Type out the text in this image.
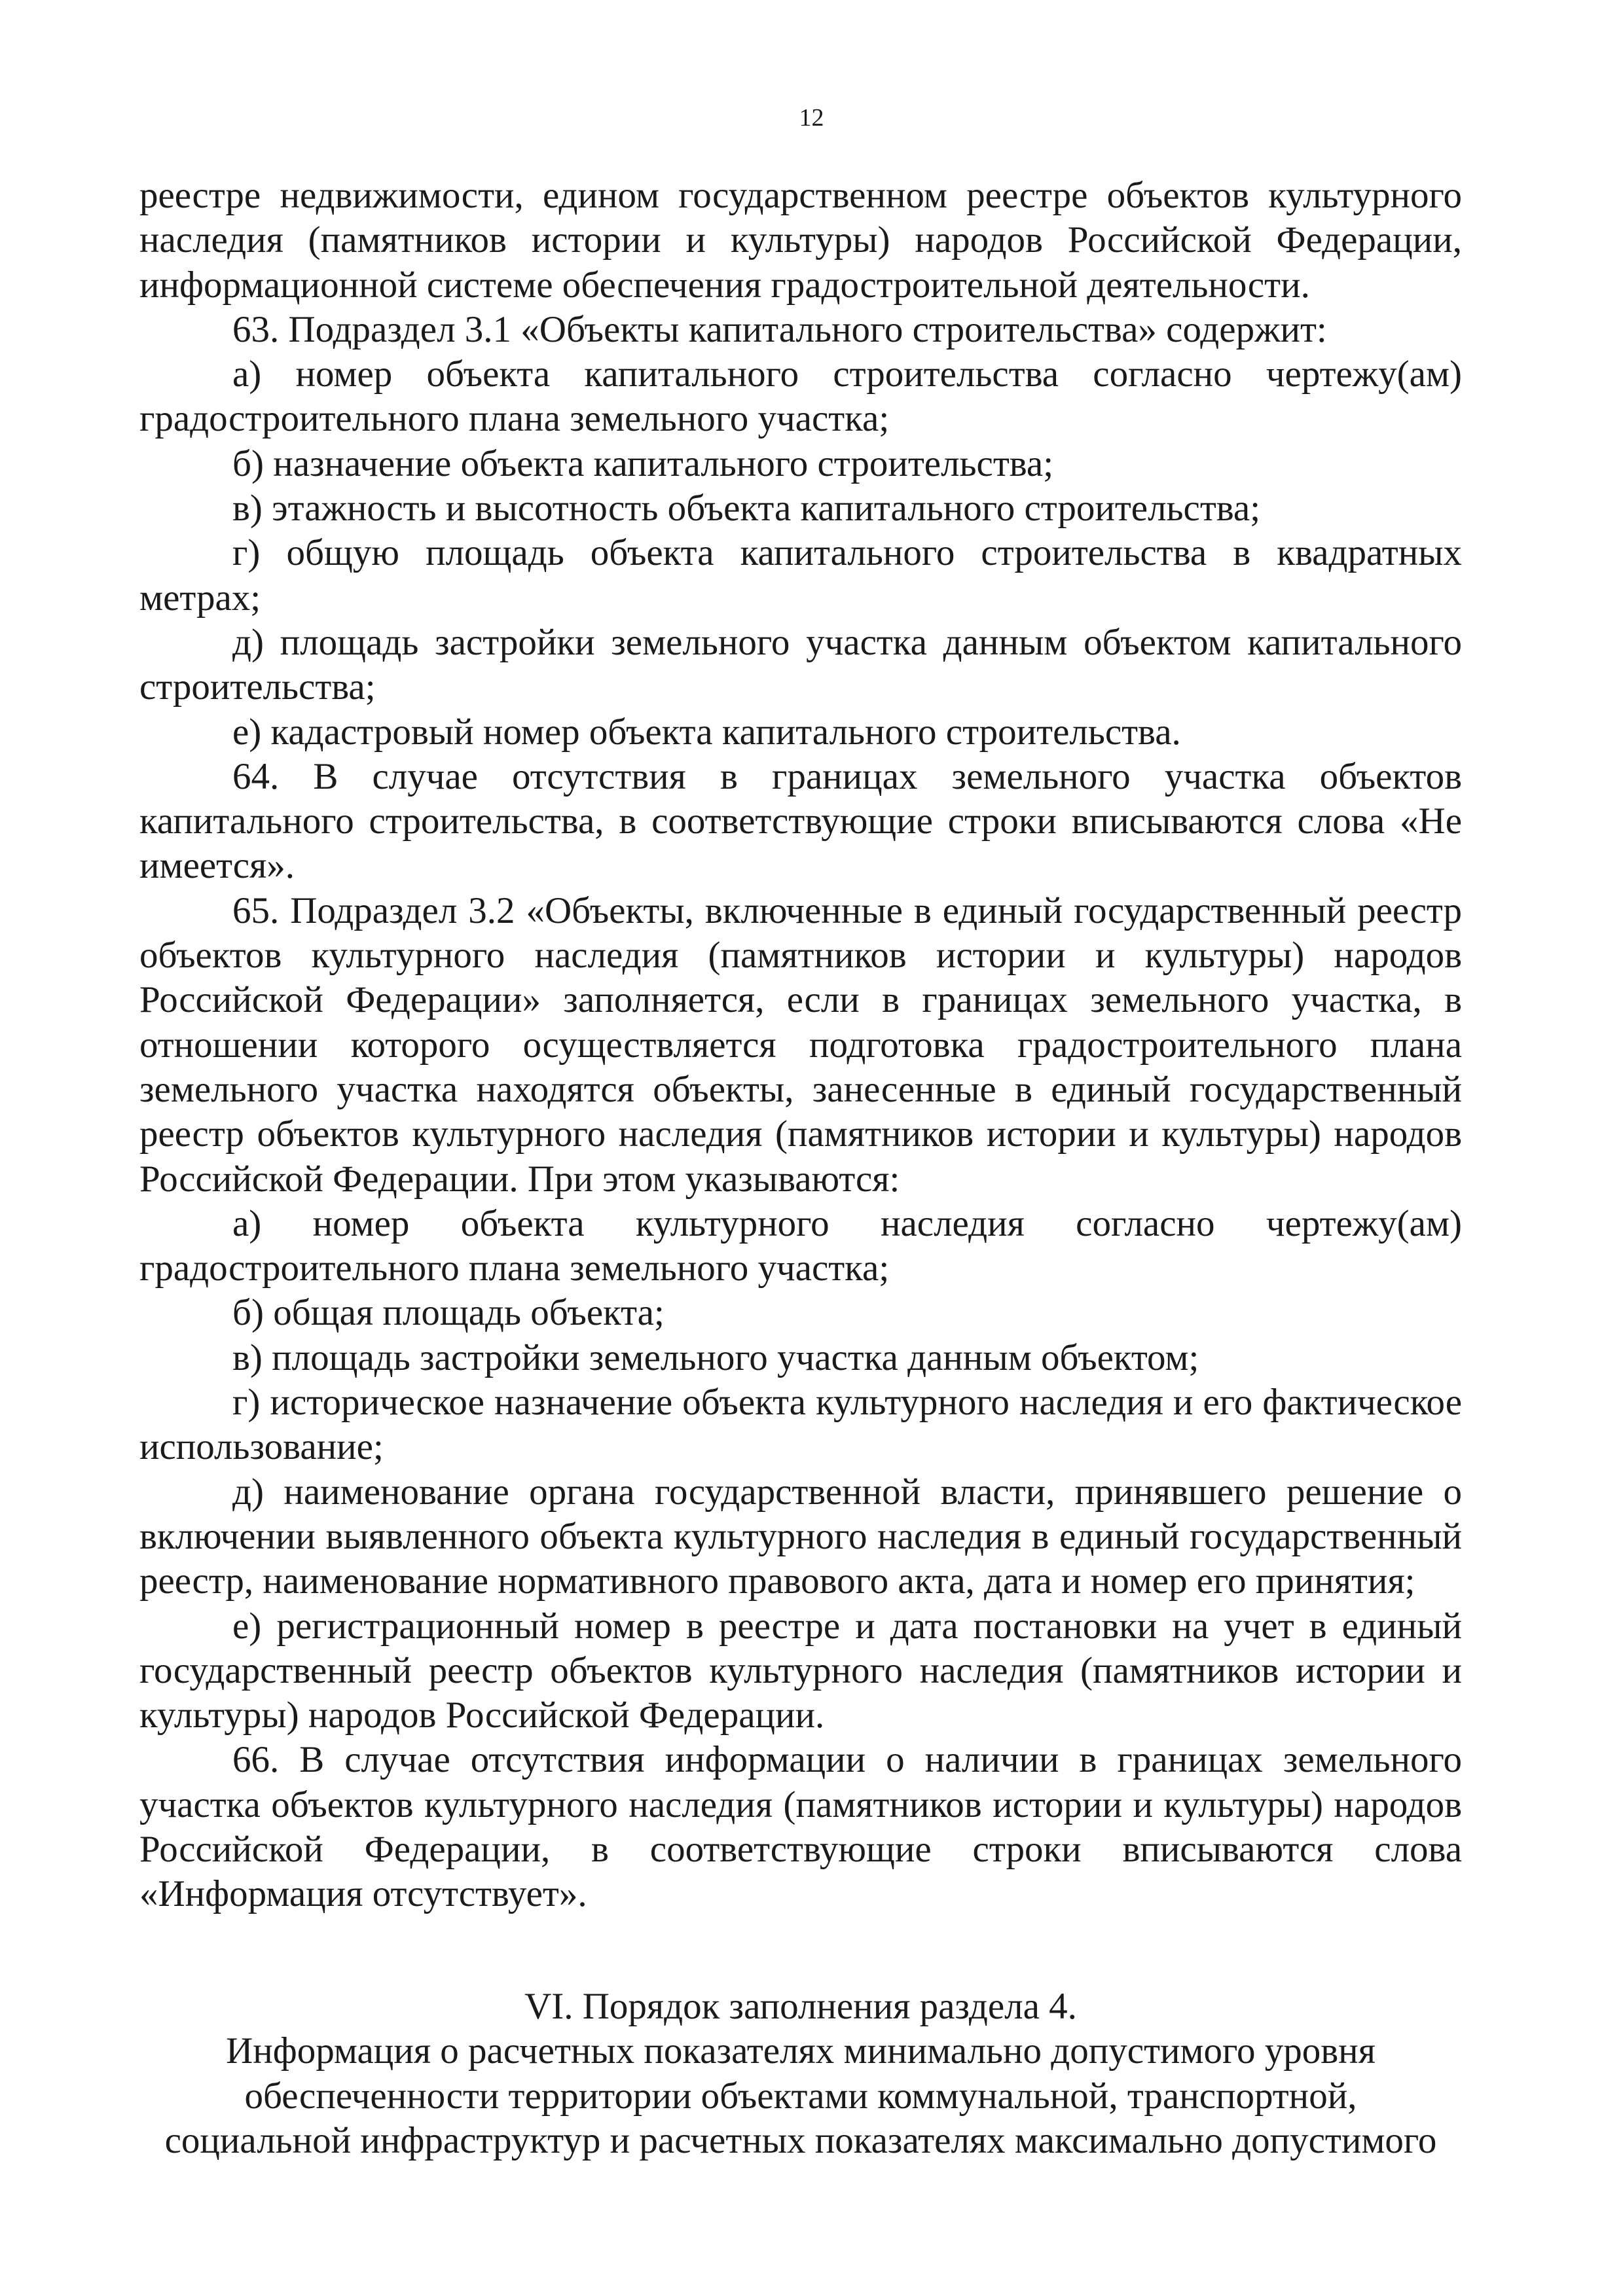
12

реестре недвижимости, едином государственном реестре объектов культурного наследия (памятников истории и культуры) народов Российской Федерации, информационной системе обеспечения градостроительной деятельности.

63. Подраздел 3.1 «Объекты капитального строительства» содержит:

а) номер объекта капитального строительства согласно чертежу(ам) градостроительного плана земельного участка;

б) назначение объекта капитального строительства;

в) этажность и высотность объекта капитального строительства;

г) общую площадь объекта капитального строительства в квадратных метрах;

д) площадь застройки земельного участка данным объектом капитального строительства;

е) кадастровый номер объекта капитального строительства.

64. В случае отсутствия в границах земельного участка объектов капитального строительства, в соответствующие строки вписываются слова «Не имеется».

65. Подраздел 3.2 «Объекты, включенные в единый государственный реестр объектов культурного наследия (памятников истории и культуры) народов Российской Федерации» заполняется, если в границах земельного участка, в отношении которого осуществляется подготовка градостроительного плана земельного участка находятся объекты, занесенные в единый государственный реестр объектов культурного наследия (памятников истории и культуры) народов Российской Федерации. При этом указываются:

а) номер объекта культурного наследия согласно чертежу(ам) градостроительного плана земельного участка;

б) общая площадь объекта;

в) площадь застройки земельного участка данным объектом;

г) историческое назначение объекта культурного наследия и его фактическое использование;

д) наименование органа государственной власти, принявшего решение о включении выявленного объекта культурного наследия в единый государственный реестр, наименование нормативного правового акта, дата и номер его принятия;

е) регистрационный номер в реестре и дата постановки на учет в единый государственный реестр объектов культурного наследия (памятников истории и культуры) народов Российской Федерации.

66. В случае отсутствия информации о наличии в границах земельного участка объектов культурного наследия (памятников истории и культуры) народов Российской Федерации, в соответствующие строки вписываются слова «Информация отсутствует».

VI. Порядок заполнения раздела 4.
Информация о расчетных показателях минимально допустимого уровня
обеспеченности территории объектами коммунальной, транспортной,
социальной инфраструктур и расчетных показателях максимально допустимого
